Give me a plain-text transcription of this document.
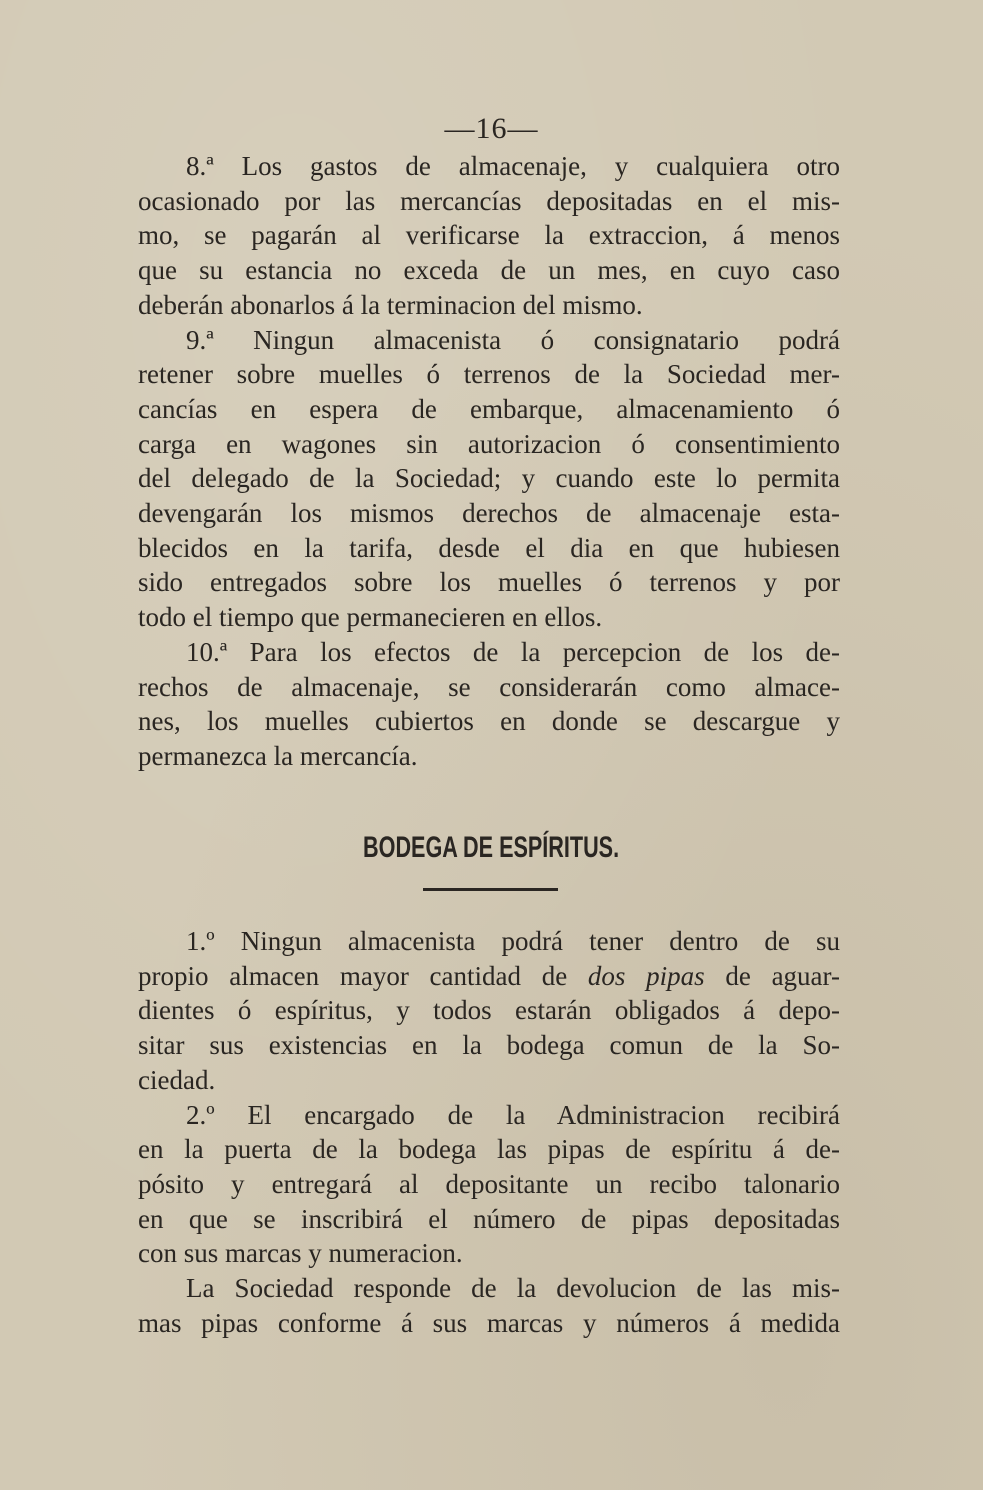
—16—
8.ª Los gastos de almacenaje, y cualquiera otro
ocasionado por las mercancías depositadas en el mis-
mo, se pagarán al verificarse la extraccion, á menos
que su estancia no exceda de un mes, en cuyo caso
deberán abonarlos á la terminacion del mismo.
9.ª Ningun almacenista ó consignatario podrá
retener sobre muelles ó terrenos de la Sociedad mer-
cancías en espera de embarque, almacenamiento ó
carga en wagones sin autorizacion ó consentimiento
del delegado de la Sociedad; y cuando este lo permita
devengarán los mismos derechos de almacenaje esta-
blecidos en la tarifa, desde el dia en que hubiesen
sido entregados sobre los muelles ó terrenos y por
todo el tiempo que permanecieren en ellos.
10.ª Para los efectos de la percepcion de los de-
rechos de almacenaje, se considerarán como almace-
nes, los muelles cubiertos en donde se descargue y
permanezca la mercancía.
BODEGA DE ESPÍRITUS.
1.º Ningun almacenista podrá tener dentro de su
propio almacen mayor cantidad de dos pipas de aguar-
dientes ó espíritus, y todos estarán obligados á depo-
sitar sus existencias en la bodega comun de la So-
ciedad.
2.º El encargado de la Administracion recibirá
en la puerta de la bodega las pipas de espíritu á de-
pósito y entregará al depositante un recibo talonario
en que se inscribirá el número de pipas depositadas
con sus marcas y numeracion.
La Sociedad responde de la devolucion de las mis-
mas pipas conforme á sus marcas y números á medida
